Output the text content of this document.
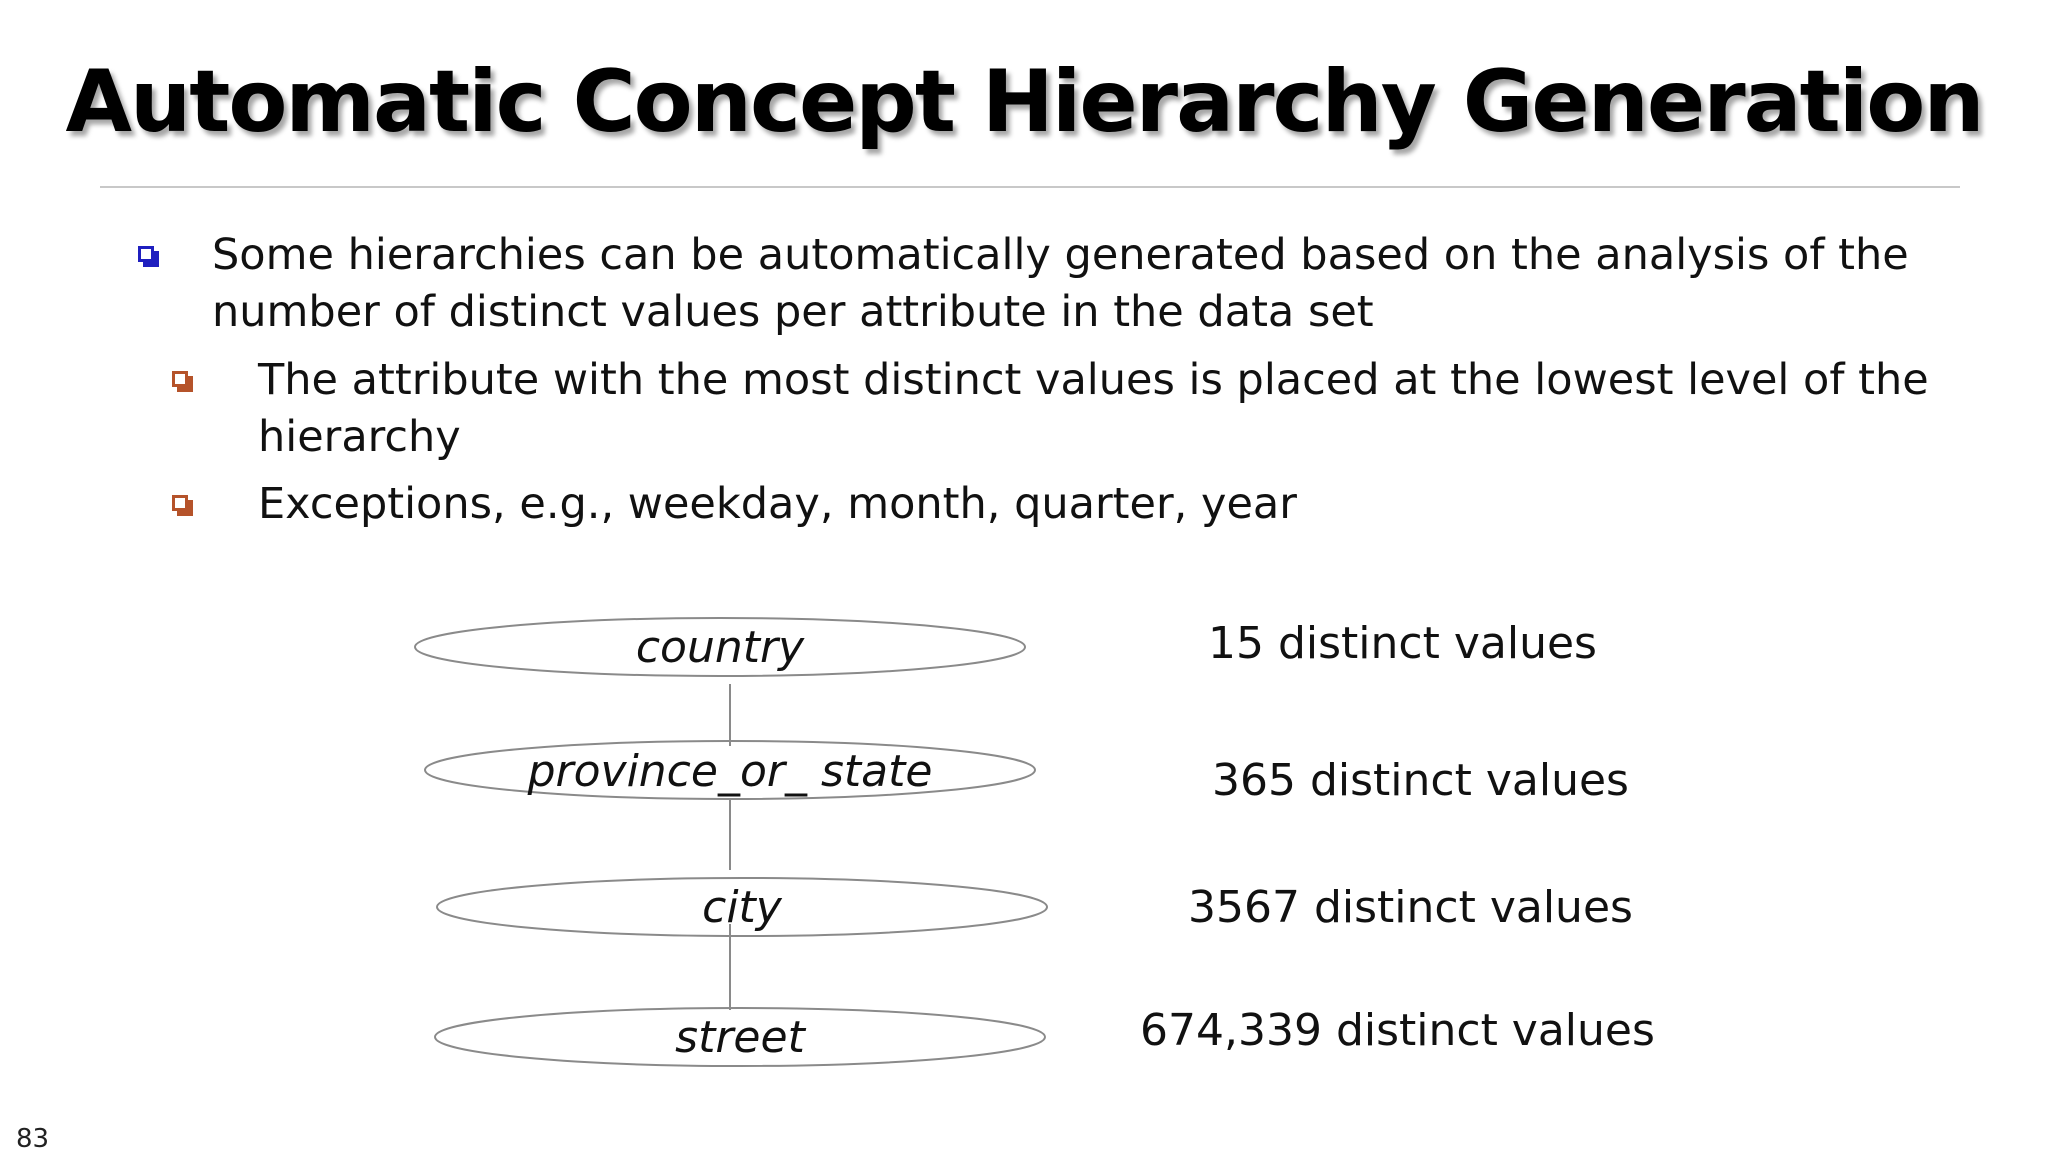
Automatic Concept Hierarchy Generation
Some hierarchies can be automatically generated based on the analysis of the
number of distinct values per attribute in the data set
The attribute with the most distinct values is placed at the lowest level of the
hierarchy
Exceptions, e.g., weekday, month, quarter, year
country	15 distinct values
province_or_ state	365 distinct values
city	3567 distinct values
street	674,339 distinct values
83
